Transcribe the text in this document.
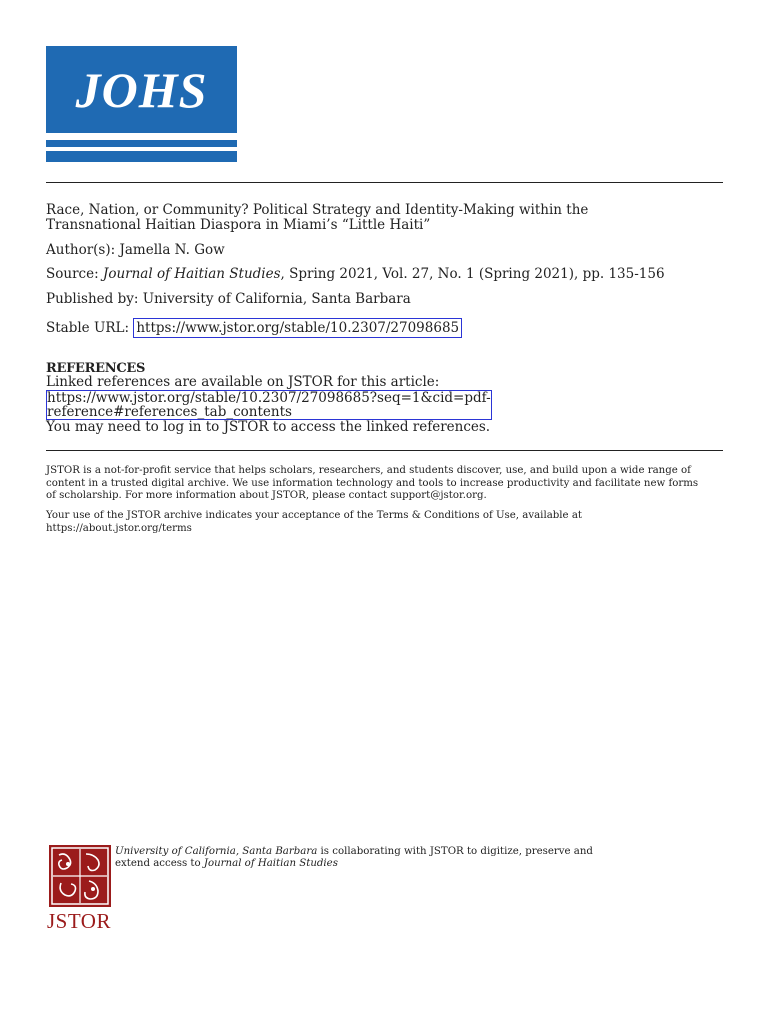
JOHS
Race, Nation, or Community? Political Strategy and Identity-Making within the
Transnational Haitian Diaspora in Miami’s “Little Haiti”
Author(s): Jamella N. Gow
Source: Journal of Haitian Studies, Spring 2021, Vol. 27, No. 1 (Spring 2021), pp. 135-156
Published by: University of California, Santa Barbara
Stable URL: https://www.jstor.org/stable/10.2307/27098685
REFERENCES
Linked references are available on JSTOR for this article:
https://www.jstor.org/stable/10.2307/27098685?seq=1&cid=pdf-
reference#references_tab_contents
You may need to log in to JSTOR to access the linked references.
JSTOR is a not-for-profit service that helps scholars, researchers, and students discover, use, and build upon a wide range of content in a trusted digital archive. We use information technology and tools to increase productivity and facilitate new forms of scholarship. For more information about JSTOR, please contact support@jstor.org.
Your use of the JSTOR archive indicates your acceptance of the Terms & Conditions of Use, available at
https://about.jstor.org/terms
JSTOR
University of California, Santa Barbara is collaborating with JSTOR to digitize, preserve and
extend access to Journal of Haitian Studies
